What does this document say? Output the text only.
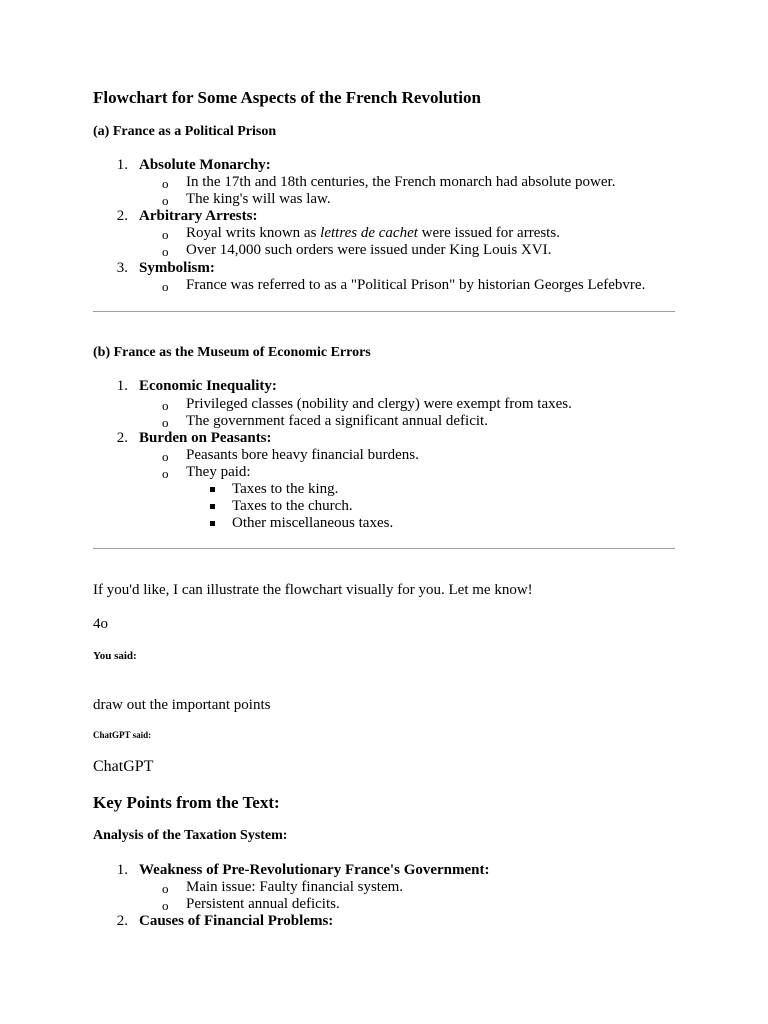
Flowchart for Some Aspects of the French Revolution
(a) France as a Political Prison
1. Absolute Monarchy:
o In the 17th and 18th centuries, the French monarch had absolute power.
o The king's will was law.
2. Arbitrary Arrests:
o Royal writs known as lettres de cachet were issued for arrests.
o Over 14,000 such orders were issued under King Louis XVI.
3. Symbolism:
o France was referred to as a "Political Prison" by historian Georges Lefebvre.
(b) France as the Museum of Economic Errors
1. Economic Inequality:
o Privileged classes (nobility and clergy) were exempt from taxes.
o The government faced a significant annual deficit.
2. Burden on Peasants:
o Peasants bore heavy financial burdens.
o They paid:
Taxes to the king.
Taxes to the church.
Other miscellaneous taxes.
If you'd like, I can illustrate the flowchart visually for you. Let me know!
4o
You said:
draw out the important points
ChatGPT said:
ChatGPT
Key Points from the Text:
Analysis of the Taxation System:
1. Weakness of Pre-Revolutionary France's Government:
o Main issue: Faulty financial system.
o Persistent annual deficits.
2. Causes of Financial Problems:
